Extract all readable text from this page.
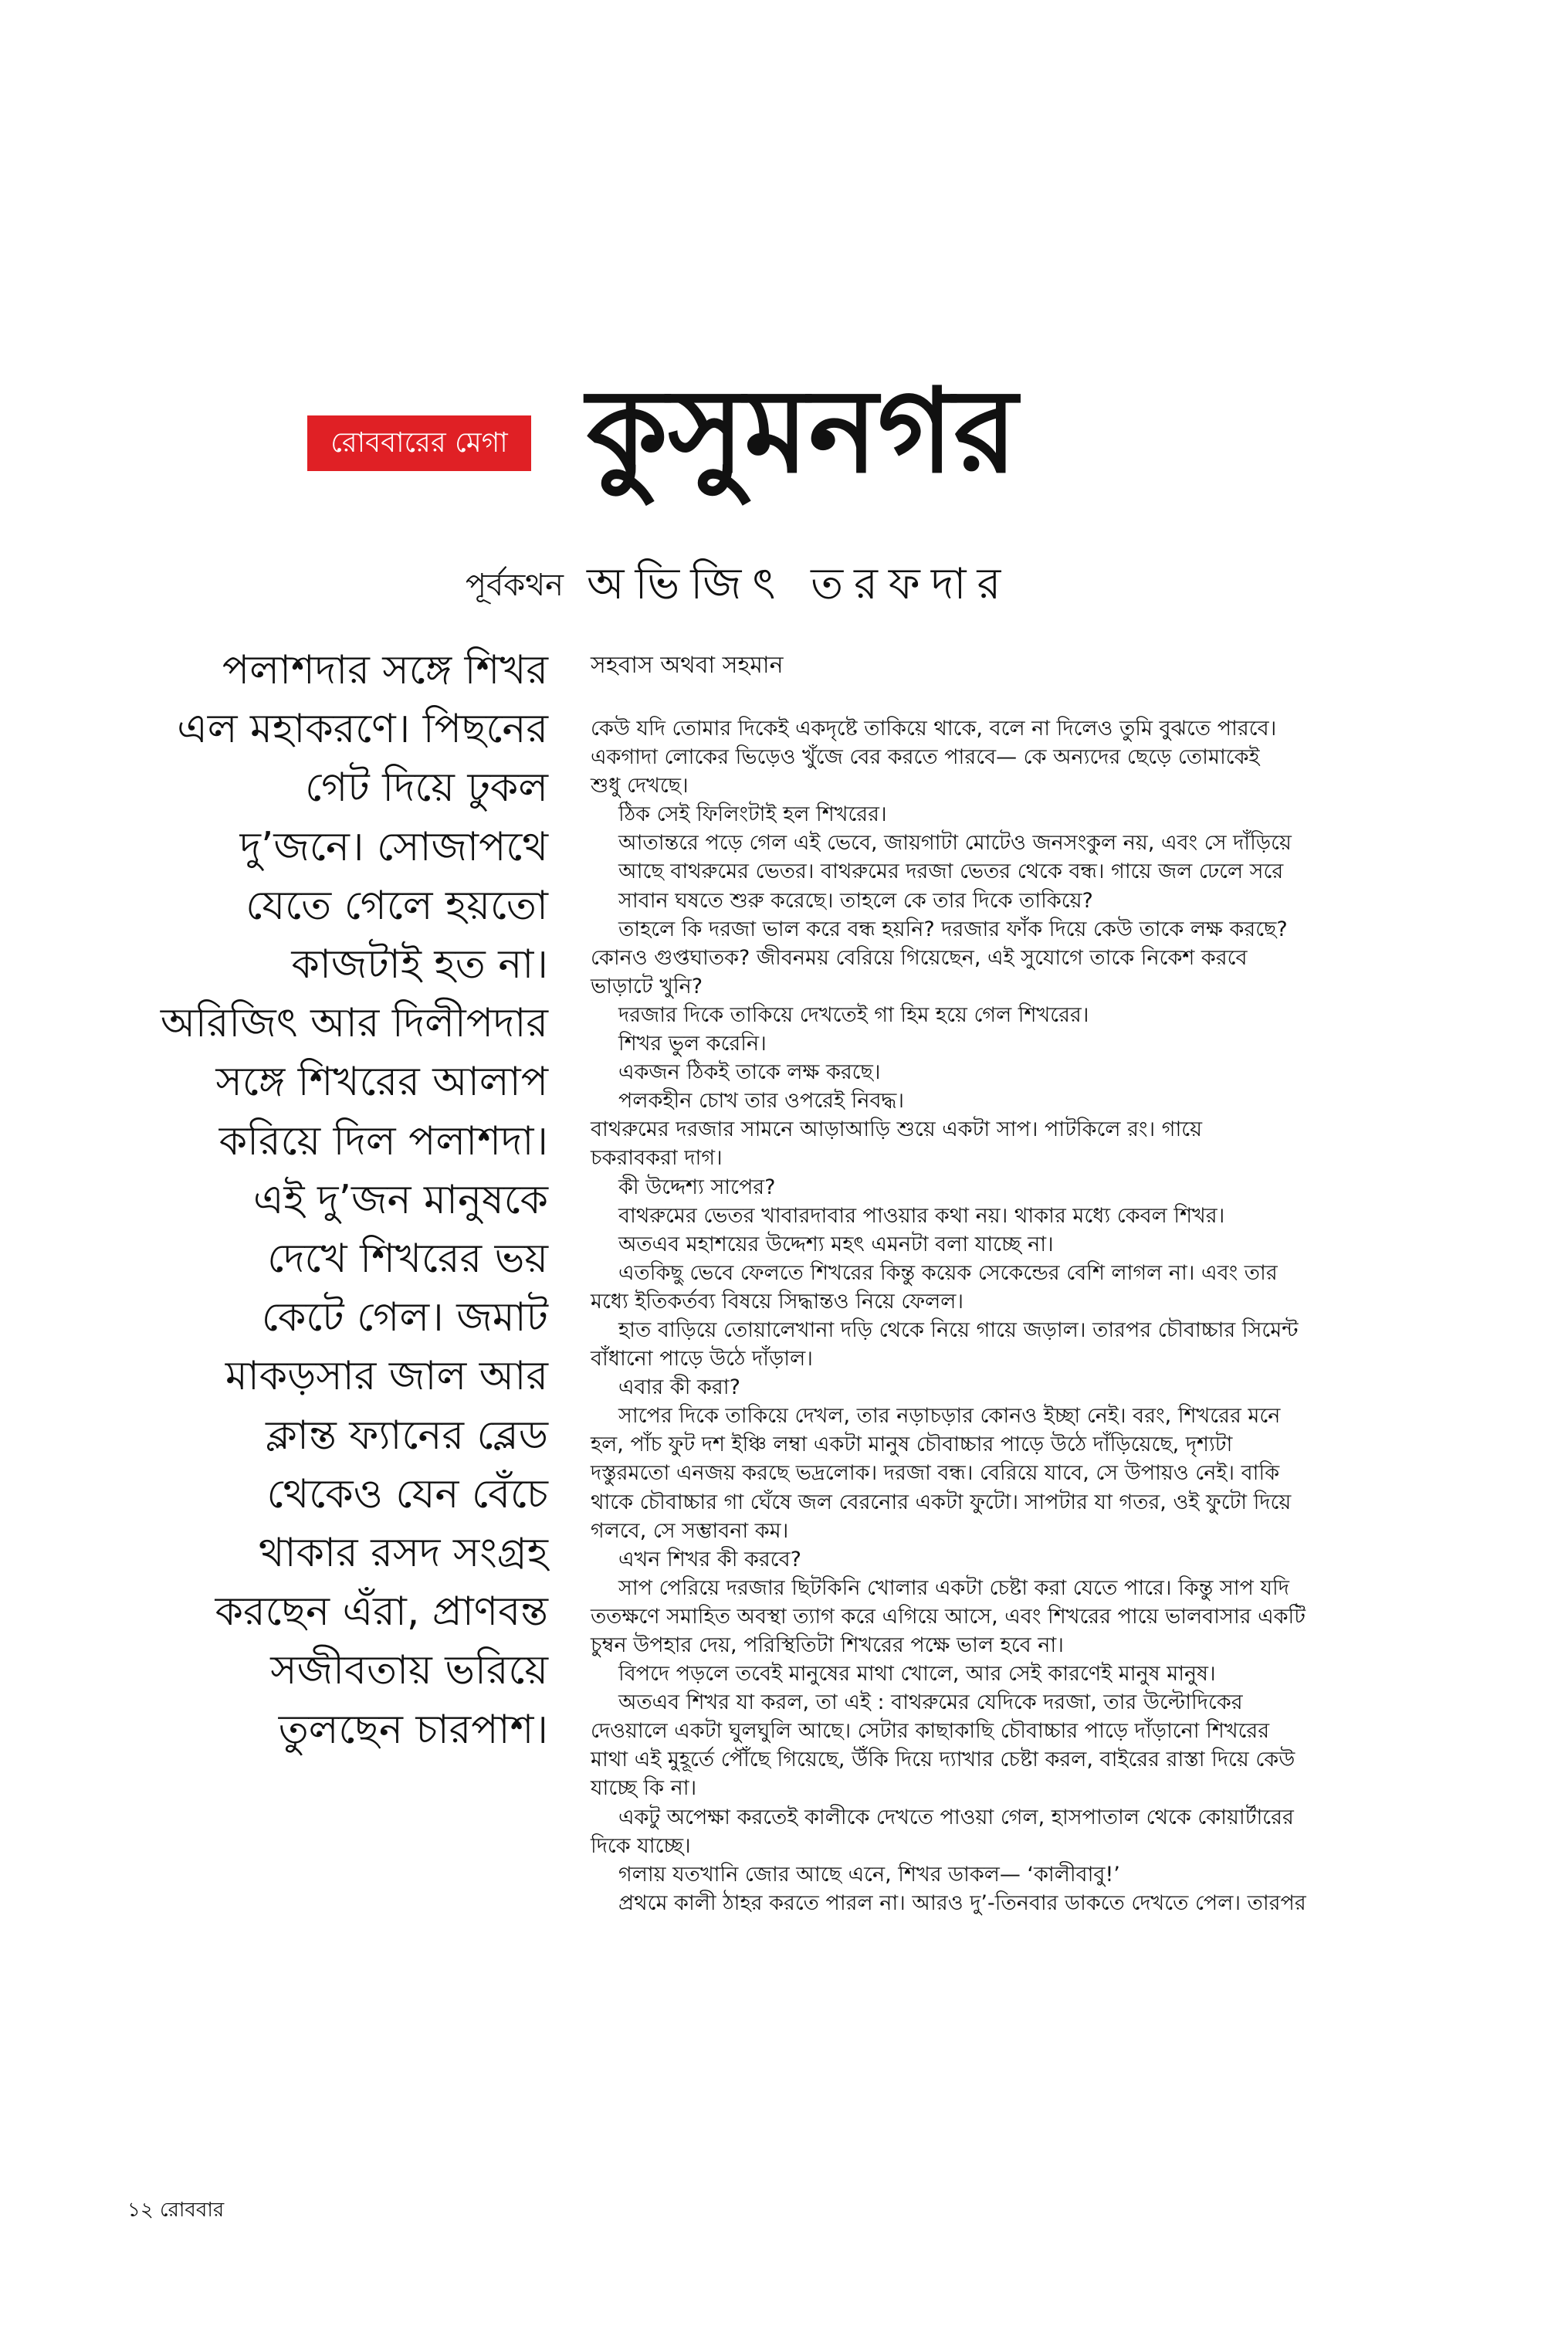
রোববারের মেগা কুসুমনগর
পূর্বকথন অভিজিৎ তরফদার
পলাশদার সঙ্গে শিখর
এল মহাকরণে। পিছনের
গেট দিয়ে ঢুকল
দু’জনে। সোজাপথে
যেতে গেলে হয়তো
কাজটাই হত না।
অরিজিৎ আর দিলীপদার
সঙ্গে শিখরের আলাপ
করিয়ে দিল পলাশদা।
এই দু’জন মানুষকে
দেখে শিখরের ভয়
কেটে গেল। জমাট
মাকড়সার জাল আর
ক্লান্ত ফ্যানের ব্লেড
থেকেও যেন বেঁচে
থাকার রসদ সংগ্রহ
করছেন এঁরা, প্রাণবন্ত
সজীবতায় ভরিয়ে
তুলছেন চারপাশ।
সহবাস অথবা সহমান
কেউ যদি তোমার দিকেই একদৃষ্টে তাকিয়ে থাকে, বলে না দিলেও তুমি বুঝতে পারবে।
একগাদা লোকের ভিড়েও খুঁজে বের করতে পারবে— কে অন্যদের ছেড়ে তোমাকেই
শুধু দেখছে।
ঠিক সেই ফিলিংটাই হল শিখরের।
আতান্তরে পড়ে গেল এই ভেবে, জায়গাটা মোটেও জনসংকুল নয়, এবং সে দাঁড়িয়ে
আছে বাথরুমের ভেতর। বাথরুমের দরজা ভেতর থেকে বন্ধ। গায়ে জল ঢেলে সরে
সাবান ঘষতে শুরু করেছে। তাহলে কে তার দিকে তাকিয়ে?
তাহলে কি দরজা ভাল করে বন্ধ হয়নি? দরজার ফাঁক দিয়ে কেউ তাকে লক্ষ করছে?
কোনও গুপ্তঘাতক? জীবনময় বেরিয়ে গিয়েছেন, এই সুযোগে তাকে নিকেশ করবে
ভাড়াটে খুনি?
দরজার দিকে তাকিয়ে দেখতেই গা হিম হয়ে গেল শিখরের।
শিখর ভুল করেনি।
একজন ঠিকই তাকে লক্ষ করছে।
পলকহীন চোখ তার ওপরেই নিবদ্ধ।
বাথরুমের দরজার সামনে আড়াআড়ি শুয়ে একটা সাপ। পাটকিলে রং। গায়ে
চকরাবকরা দাগ।
কী উদ্দেশ্য সাপের?
বাথরুমের ভেতর খাবারদাবার পাওয়ার কথা নয়। থাকার মধ্যে কেবল শিখর।
অতএব মহাশয়ের উদ্দেশ্য মহৎ এমনটা বলা যাচ্ছে না।
এতকিছু ভেবে ফেলতে শিখরের কিন্তু কয়েক সেকেন্ডের বেশি লাগল না। এবং তার
মধ্যে ইতিকর্তব্য বিষয়ে সিদ্ধান্তও নিয়ে ফেলল।
হাত বাড়িয়ে তোয়ালেখানা দড়ি থেকে নিয়ে গায়ে জড়াল। তারপর চৌবাচ্চার সিমেন্ট
বাঁধানো পাড়ে উঠে দাঁড়াল।
এবার কী করা?
সাপের দিকে তাকিয়ে দেখল, তার নড়াচড়ার কোনও ইচ্ছা নেই। বরং, শিখরের মনে
হল, পাঁচ ফুট দশ ইঞ্চি লম্বা একটা মানুষ চৌবাচ্চার পাড়ে উঠে দাঁড়িয়েছে, দৃশ্যটা
দস্তুরমতো এনজয় করছে ভদ্রলোক। দরজা বন্ধ। বেরিয়ে যাবে, সে উপায়ও নেই। বাকি
থাকে চৌবাচ্চার গা ঘেঁষে জল বেরনোর একটা ফুটো। সাপটার যা গতর, ওই ফুটো দিয়ে
গলবে, সে সম্ভাবনা কম।
এখন শিখর কী করবে?
সাপ পেরিয়ে দরজার ছিটকিনি খোলার একটা চেষ্টা করা যেতে পারে। কিন্তু সাপ যদি
ততক্ষণে সমাহিত অবস্থা ত্যাগ করে এগিয়ে আসে, এবং শিখরের পায়ে ভালবাসার একটি
চুম্বন উপহার দেয়, পরিস্থিতিটা শিখরের পক্ষে ভাল হবে না।
বিপদে পড়লে তবেই মানুষের মাথা খোলে, আর সেই কারণেই মানুষ মানুষ।
অতএব শিখর যা করল, তা এই : বাথরুমের যেদিকে দরজা, তার উল্টোদিকের
দেওয়ালে একটা ঘুলঘুলি আছে। সেটার কাছাকাছি চৌবাচ্চার পাড়ে দাঁড়ানো শিখরের
মাথা এই মুহূর্তে পৌঁছে গিয়েছে, উঁকি দিয়ে দ্যাখার চেষ্টা করল, বাইরের রাস্তা দিয়ে কেউ
যাচ্ছে কি না।
একটু অপেক্ষা করতেই কালীকে দেখতে পাওয়া গেল, হাসপাতাল থেকে কোয়ার্টারের
দিকে যাচ্ছে।
গলায় যতখানি জোর আছে এনে, শিখর ডাকল— ‘কালীবাবু!’
প্রথমে কালী ঠাহর করতে পারল না। আরও দু’-তিনবার ডাকতে দেখতে পেল। তারপর
১২ রোববার
